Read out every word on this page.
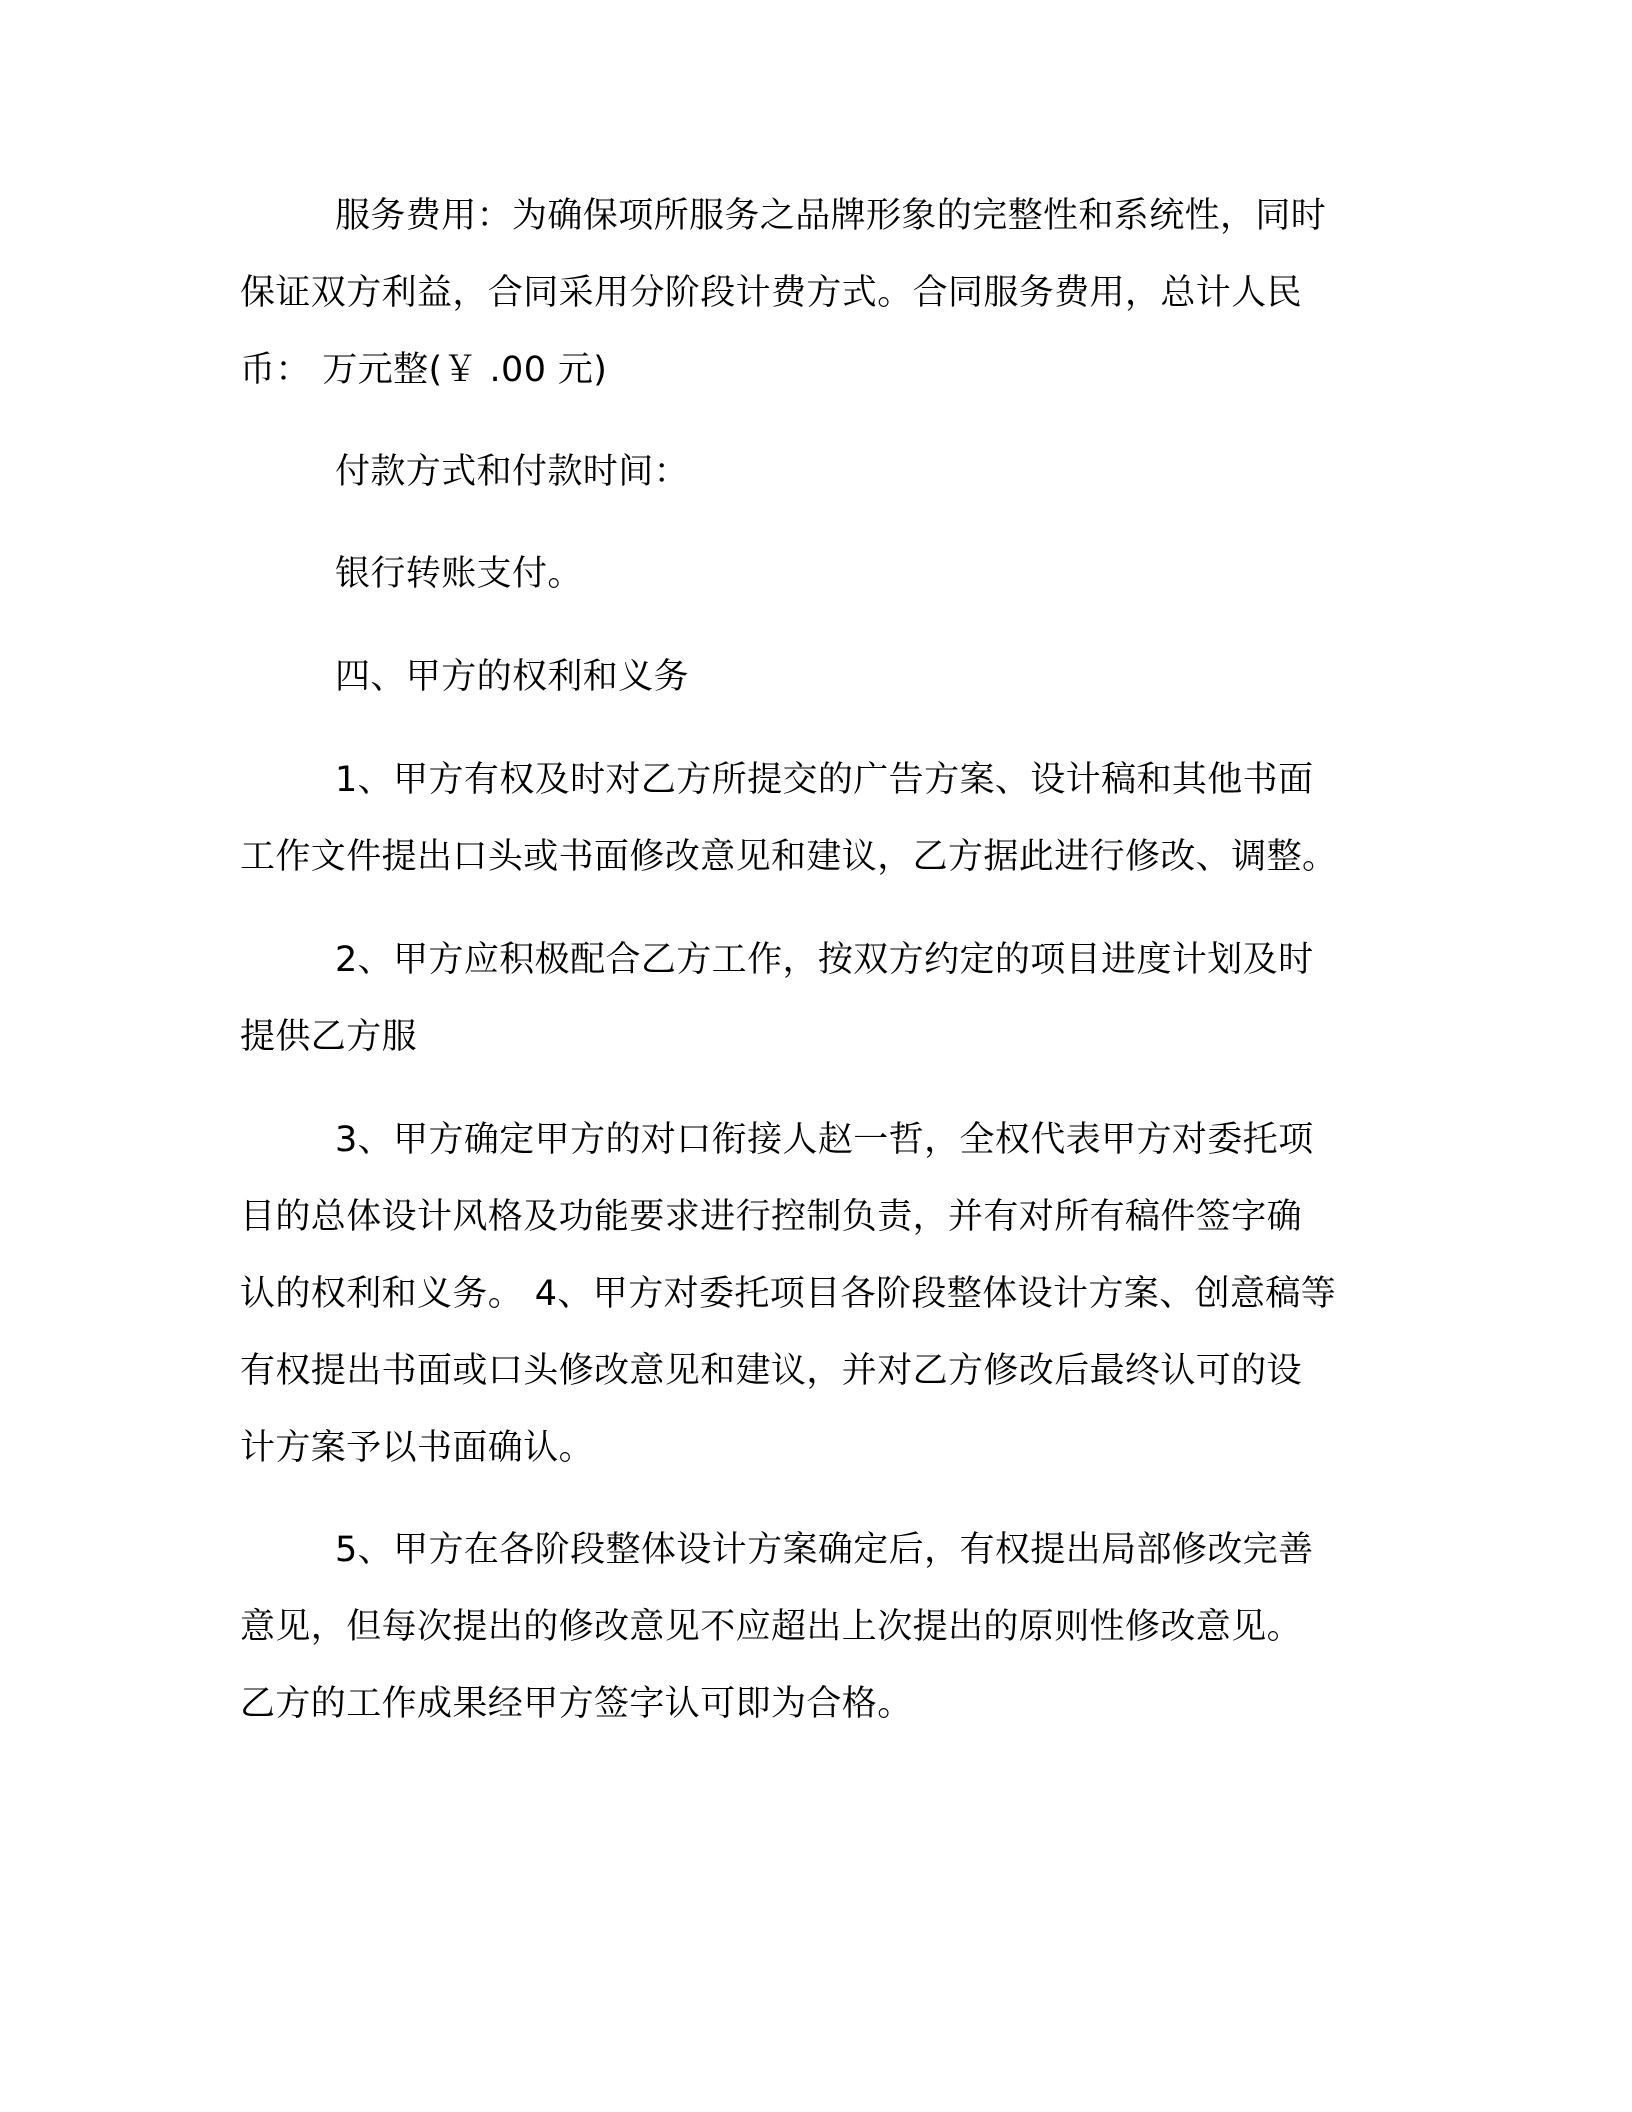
服务费用：为确保项所服务之品牌形象的完整性和系统性，同时
保证双方利益，合同采用分阶段计费方式。合同服务费用，总计人民
币： 万元整(￥ .00 元)
付款方式和付款时间：
银行转账支付。
四、甲方的权利和义务
1、甲方有权及时对乙方所提交的广告方案、设计稿和其他书面
工作文件提出口头或书面修改意见和建议，乙方据此进行修改、调整。
2、甲方应积极配合乙方工作，按双方约定的项目进度计划及时
提供乙方服
3、甲方确定甲方的对口衔接人赵一哲，全权代表甲方对委托项
目的总体设计风格及功能要求进行控制负责，并有对所有稿件签字确
认的权利和义务。 4、甲方对委托项目各阶段整体设计方案、创意稿等
有权提出书面或口头修改意见和建议，并对乙方修改后最终认可的设
计方案予以书面确认。
5、甲方在各阶段整体设计方案确定后，有权提出局部修改完善
意见，但每次提出的修改意见不应超出上次提出的原则性修改意见。
乙方的工作成果经甲方签字认可即为合格。
